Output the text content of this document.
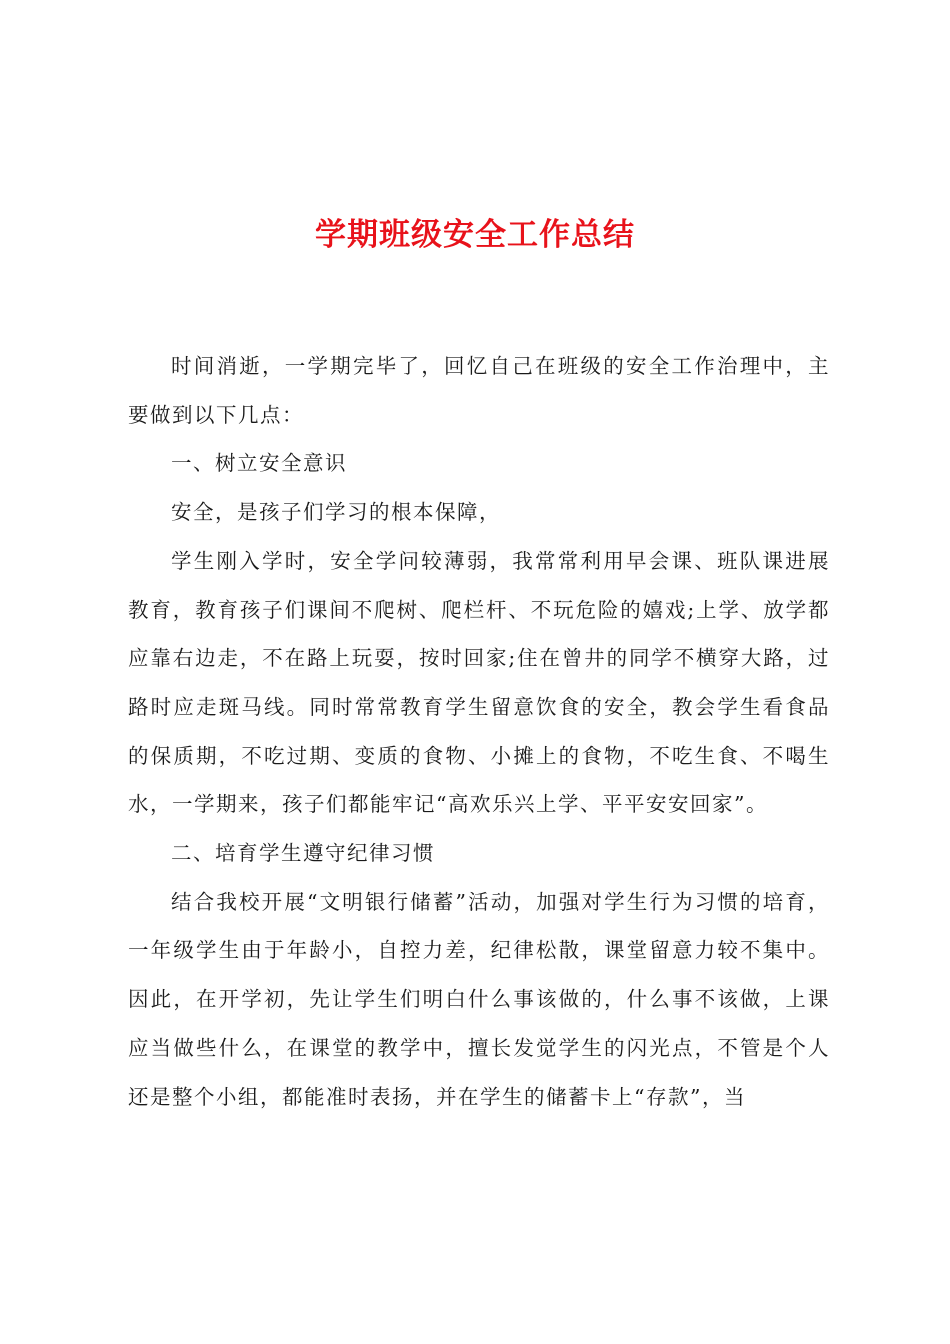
学期班级安全工作总结

时间消逝，一学期完毕了，回忆自己在班级的安全工作治理中，主要做到以下几点：

一、树立安全意识

安全，是孩子们学习的根本保障，

学生刚入学时，安全学问较薄弱，我常常利用早会课、班队课进展教育，教育孩子们课间不爬树、爬栏杆、不玩危险的嬉戏;上学、放学都应靠右边走，不在路上玩耍，按时回家;住在曾井的同学不横穿大路，过路时应走斑马线。同时常常教育学生留意饮食的安全，教会学生看食品的保质期，不吃过期、变质的食物、小摊上的食物，不吃生食、不喝生水，一学期来，孩子们都能牢记“高欢乐兴上学、平平安安回家”。

二、培育学生遵守纪律习惯

结合我校开展“文明银行储蓄”活动，加强对学生行为习惯的培育，一年级学生由于年龄小，自控力差，纪律松散，课堂留意力较不集中。因此，在开学初，先让学生们明白什么事该做的，什么事不该做，上课应当做些什么，在课堂的教学中，擅长发觉学生的闪光点，不管是个人还是整个小组，都能准时表扬，并在学生的储蓄卡上“存款”，当
